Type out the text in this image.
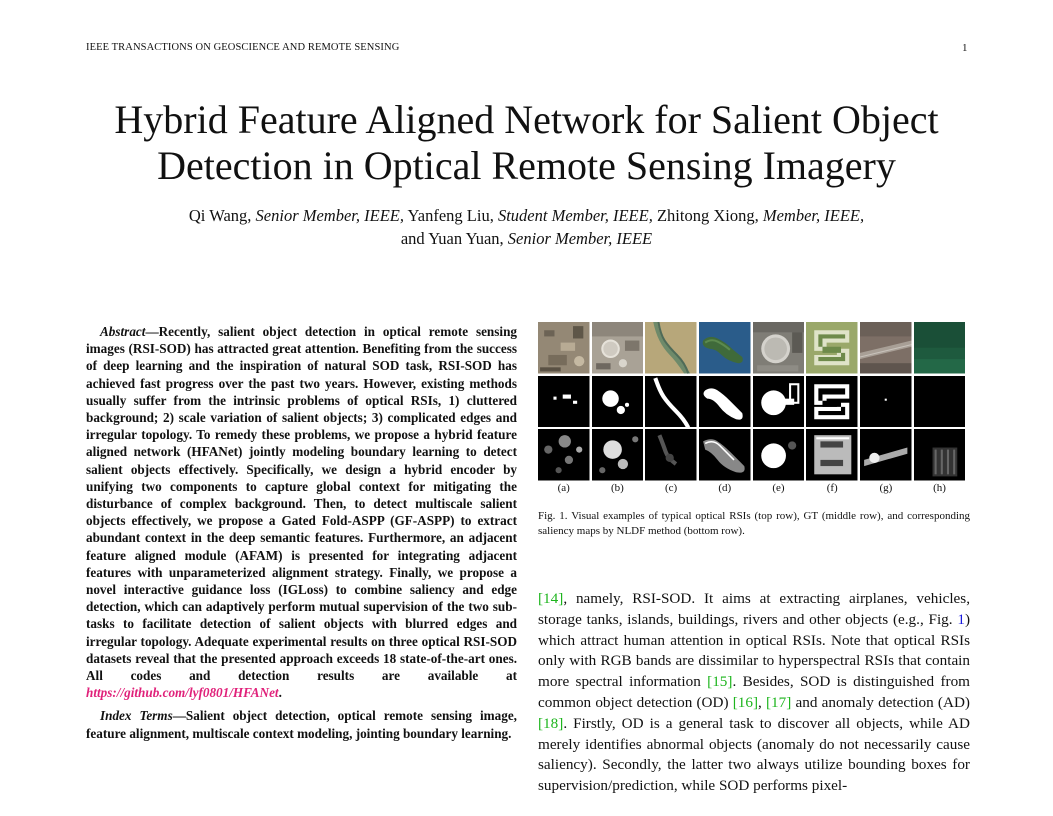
IEEE TRANSACTIONS ON GEOSCIENCE AND REMOTE SENSING	1
Hybrid Feature Aligned Network for Salient Object
Detection in Optical Remote Sensing Imagery
Qi Wang, Senior Member, IEEE, Yanfeng Liu, Student Member, IEEE, Zhitong Xiong, Member, IEEE,
and Yuan Yuan, Senior Member, IEEE

Abstract—Recently, salient object detection in optical remote sensing images (RSI-SOD) has attracted great attention. Benefiting from the success of deep learning and the inspiration of natural SOD task, RSI-SOD has achieved fast progress over the past two years. However, existing methods usually suffer from the intrinsic problems of optical RSIs, 1) cluttered background; 2) scale variation of salient objects; 3) complicated edges and irregular topology. To remedy these problems, we propose a hybrid feature aligned network (HFANet) jointly modeling boundary learning to detect salient objects effectively. Specifically, we design a hybrid encoder by unifying two components to capture global context for mitigating the disturbance of complex background. Then, to detect multiscale salient objects effectively, we propose a Gated Fold-ASPP (GF-ASPP) to extract abundant context in the deep semantic features. Furthermore, an adjacent feature aligned module (AFAM) is presented for integrating adjacent features with unparameterized alignment strategy. Finally, we propose a novel interactive guidance loss (IGLoss) to combine saliency and edge detection, which can adaptively perform mutual supervision of the two sub-tasks to facilitate detection of salient objects with blurred edges and irregular topology. Adequate experimental results on three optical RSI-SOD datasets reveal that the presented approach exceeds 18 state-of-the-art ones. All codes and detection results are available at https://github.com/lyf0801/HFANet.

Index Terms—Salient object detection, optical remote sensing image, feature alignment, multiscale context modeling, jointing boundary learning.

(a)	(b)	(c)	(d)	(e)	(f)	(g)	(h)
Fig. 1. Visual examples of typical optical RSIs (top row), GT (middle row), and corresponding saliency maps by NLDF method (bottom row).

[14], namely, RSI-SOD. It aims at extracting airplanes, vehicles, storage tanks, islands, buildings, rivers and other objects (e.g., Fig. 1) which attract human attention in optical RSIs. Note that optical RSIs only with RGB bands are dissimilar to hyperspectral RSIs that contain more spectral information [15]. Besides, SOD is distinguished from common object detection (OD) [16], [17] and anomaly detection (AD) [18]. Firstly, OD is a general task to discover all objects, while AD merely identifies abnormal objects (anomaly do not necessarily cause saliency). Secondly, the latter two always utilize bounding boxes for supervision/prediction, while SOD performs pixel-
